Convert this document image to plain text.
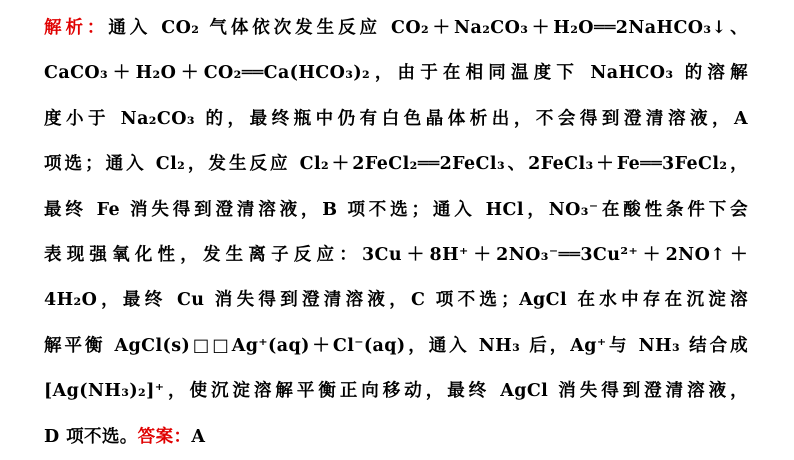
解析：通入 CO₂ 气体依次发生反应 CO₂＋Na₂CO₃＋H₂O══2NaHCO₃↓、
CaCO₃＋H₂O＋CO₂══Ca(HCO₃)₂，由于在相同温度下 NaHCO₃ 的溶解
度小于 Na₂CO₃ 的，最终瓶中仍有白色晶体析出，不会得到澄清溶液，A
项选；通入 Cl₂，发生反应 Cl₂＋2FeCl₂══2FeCl₃、2FeCl₃＋Fe══3FeCl₂，
最终 Fe 消失得到澄清溶液，B 项不选；通入 HCl，NO₃⁻在酸性条件下会
表现强氧化性，发生离子反应：3Cu＋8H⁺＋2NO₃⁻══3Cu²⁺＋2NO↑＋
4H₂O，最终 Cu 消失得到澄清溶液，C 项不选；AgCl 在水中存在沉淀溶
解平衡 AgCl(s)□□Ag⁺(aq)＋Cl⁻(aq)，通入 NH₃ 后，Ag⁺与 NH₃ 结合成
[Ag(NH₃)₂]⁺，使沉淀溶解平衡正向移动，最终 AgCl 消失得到澄清溶液，
D 项不选。答案：A
